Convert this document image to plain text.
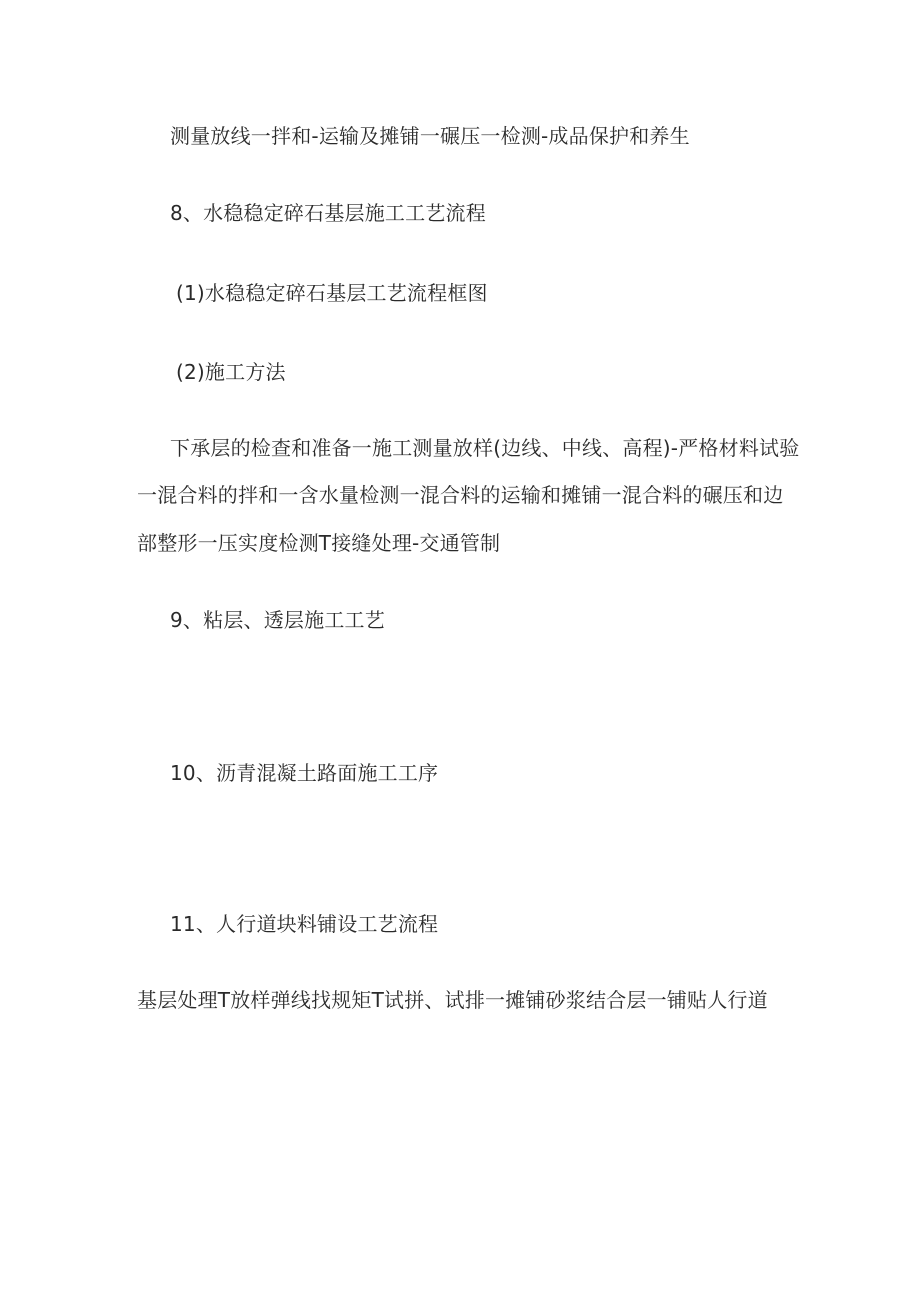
测量放线一拌和-运输及摊铺一碾压一检测-成品保护和养生

8、水稳稳定碎石基层施工工艺流程

(1)水稳稳定碎石基层工艺流程框图

(2)施工方法

下承层的检查和准备一施工测量放样(边线、中线、高程)-严格材料试验

一混合料的拌和一含水量检测一混合料的运输和摊铺一混合料的碾压和边

部整形一压实度检测T接缝处理-交通管制

9、粘层、透层施工工艺

10、沥青混凝土路面施工工序

11、人行道块料铺设工艺流程

基层处理T放样弹线找规矩T试拼、试排一摊铺砂浆结合层一铺贴人行道
